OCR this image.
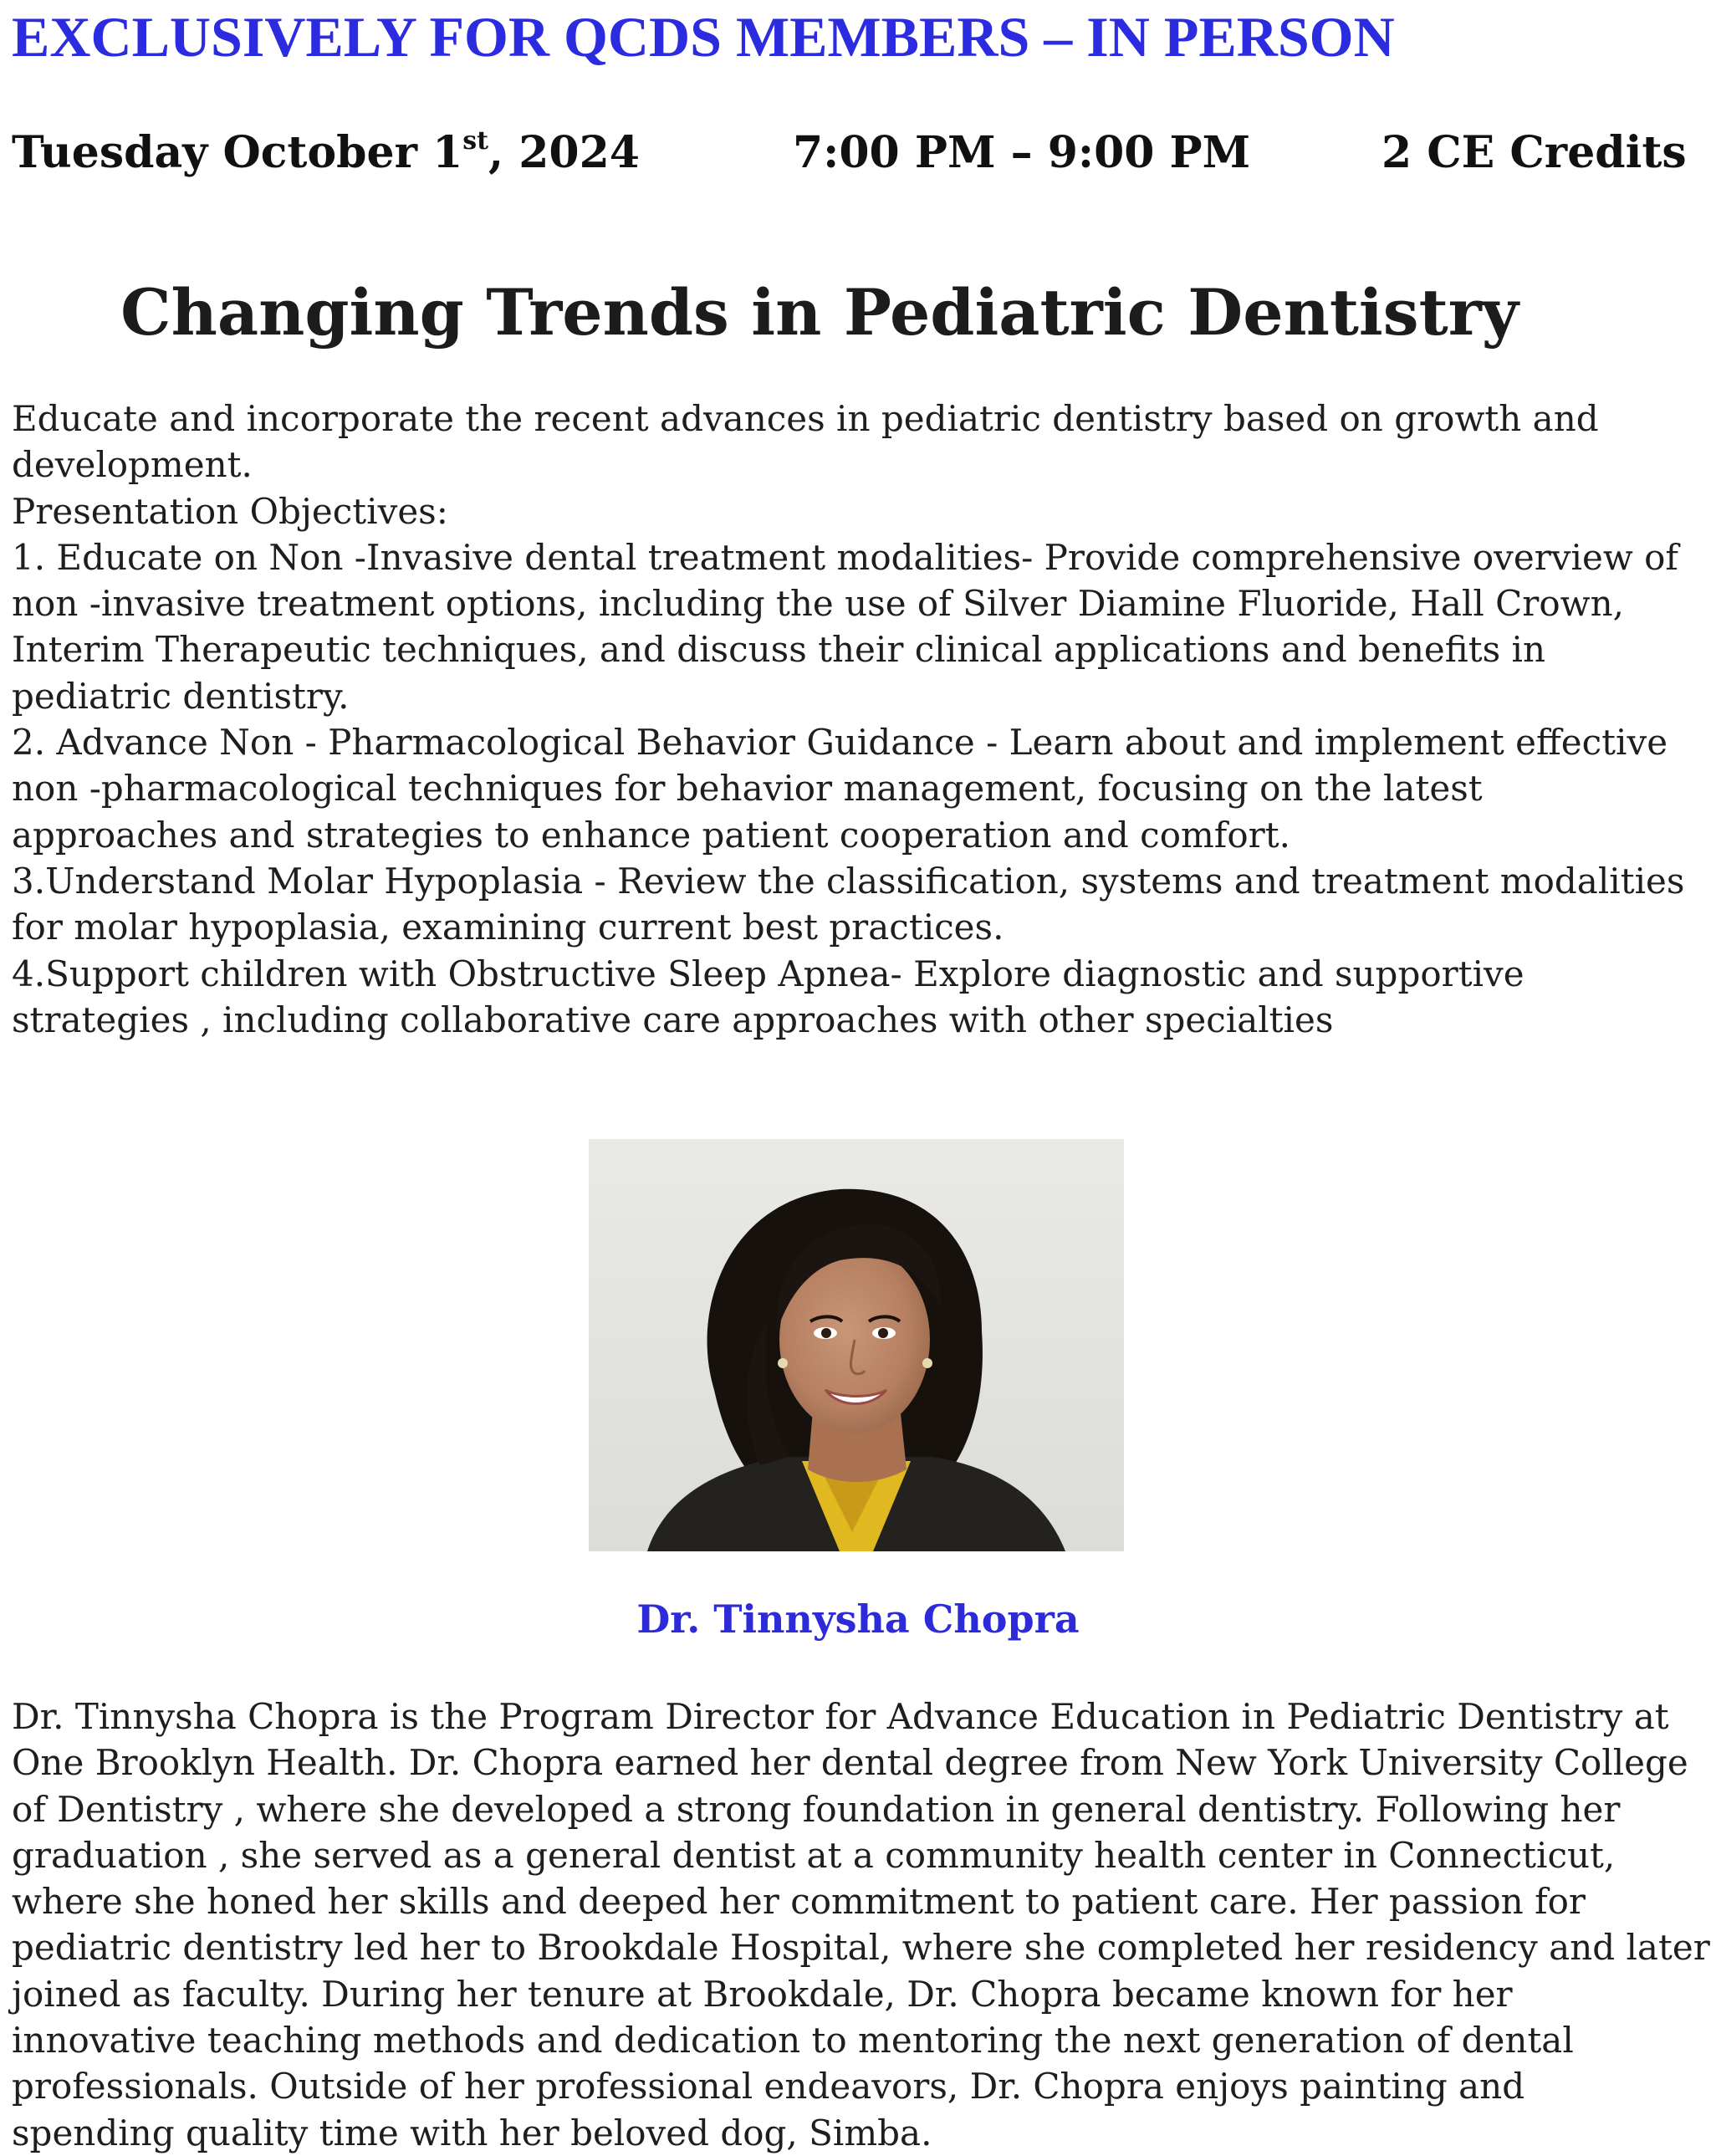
EXCLUSIVELY FOR QCDS MEMBERS – IN PERSON
Tuesday October 1st, 2024	7:00 PM – 9:00 PM	2 CE Credits
Changing Trends in Pediatric Dentistry
Educate and incorporate the recent advances in pediatric dentistry based on growth and
development.
Presentation Objectives:
1. Educate on Non -Invasive dental treatment modalities- Provide comprehensive overview of
non -invasive treatment options, including the use of Silver Diamine Fluoride, Hall Crown,
Interim Therapeutic techniques, and discuss their clinical applications and benefits in
pediatric dentistry.
2. Advance Non - Pharmacological Behavior Guidance - Learn about and implement effective
non -pharmacological techniques for behavior management, focusing on the latest
approaches and strategies to enhance patient cooperation and comfort.
3.Understand Molar Hypoplasia - Review the classification, systems and treatment modalities
for molar hypoplasia, examining current best practices.
4.Support children with Obstructive Sleep Apnea- Explore diagnostic and supportive
strategies , including collaborative care approaches with other specialties
Dr. Tinnysha Chopra
Dr. Tinnysha Chopra is the Program Director for Advance Education in Pediatric Dentistry at
One Brooklyn Health. Dr. Chopra earned her dental degree from New York University College
of Dentistry , where she developed a strong foundation in general dentistry. Following her
graduation , she served as a general dentist at a community health center in Connecticut,
where she honed her skills and deeped her commitment to patient care. Her passion for
pediatric dentistry led her to Brookdale Hospital, where she completed her residency and later
joined as faculty. During her tenure at Brookdale, Dr. Chopra became known for her
innovative teaching methods and dedication to mentoring the next generation of dental
professionals. Outside of her professional endeavors, Dr. Chopra enjoys painting and
spending quality time with her beloved dog, Simba.
